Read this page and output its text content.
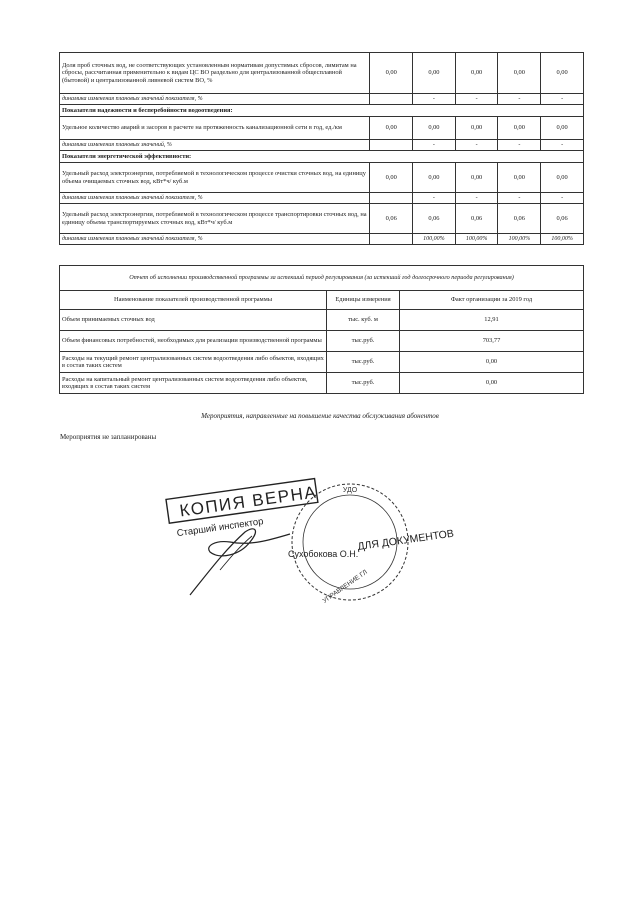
Доля проб сточных вод, не соответствующих установленным нормативам допустимых сбросов, лимитам на сбросы, рассчитанная применительно к видам ЦС ВО раздельно для централизованной общесплавной (бытовой) и централизованной ливневой систем ВО, %	0,00	0,00	0,00	0,00	0,00
динамика изменения плановых значений показателя, %		-	-	-	-
Показатели надежности и бесперебойности водоотведения:					
Удельное количество аварий и засоров в расчете на протяженность канализационной сети в год, ед./км	0,00	0,00	0,00	0,00	0,00
динамика изменения плановых значений, %		-	-	-	-
Показатели энергетической эффективности:					
Удельный расход электроэнергии, потребляемой в технологическом процессе очистки сточных вод, на единицу объема очищаемых сточных вод, кВт*ч/ куб.м	0,00	0,00	0,00	0,00	0,00
динамика изменения плановых значений показателя, %		-	-	-	-
Удельный расход электроэнергии, потребляемой в технологическом процессе транспортировки сточных вод, на единицу объема транспортируемых сточных вод, кВт*ч/ куб.м	0,06	0,06	0,06	0,06	0,06
динамика изменения плановых значений показателя, %		100,00%	100,00%	100,00%	100,00%
Отчет об исполнении производственной программы за истекший период регулирования (за истекший год долгосрочного периода регулирования)		
Наименование показателей производственной программы	Единицы измерения	Факт организации за 2019 год
Объем принимаемых сточных вод	тыс. куб. м	12,91
Объем финансовых потребностей, необходимых для реализации производственной программы	тыс.руб.	703,77
Расходы на текущий ремонт централизованных систем водоотведения либо объектов, входящих в состав таких систем	тыс.руб.	0,00
Расходы на капитальный ремонт централизованных систем водоотведения либо объектов, входящих в состав таких систем	тыс.руб.	0,00
Мероприятия, направленные на повышение качества обслуживания абонентов
Мероприятия не запланированы
КОПИЯ ВЕРНА
Старший инспектор
Сухобокова О.Н.
УДО
УПРАВЛЕНИЕ ГЛ
ДЛЯ ДОКУМЕНТОВ
